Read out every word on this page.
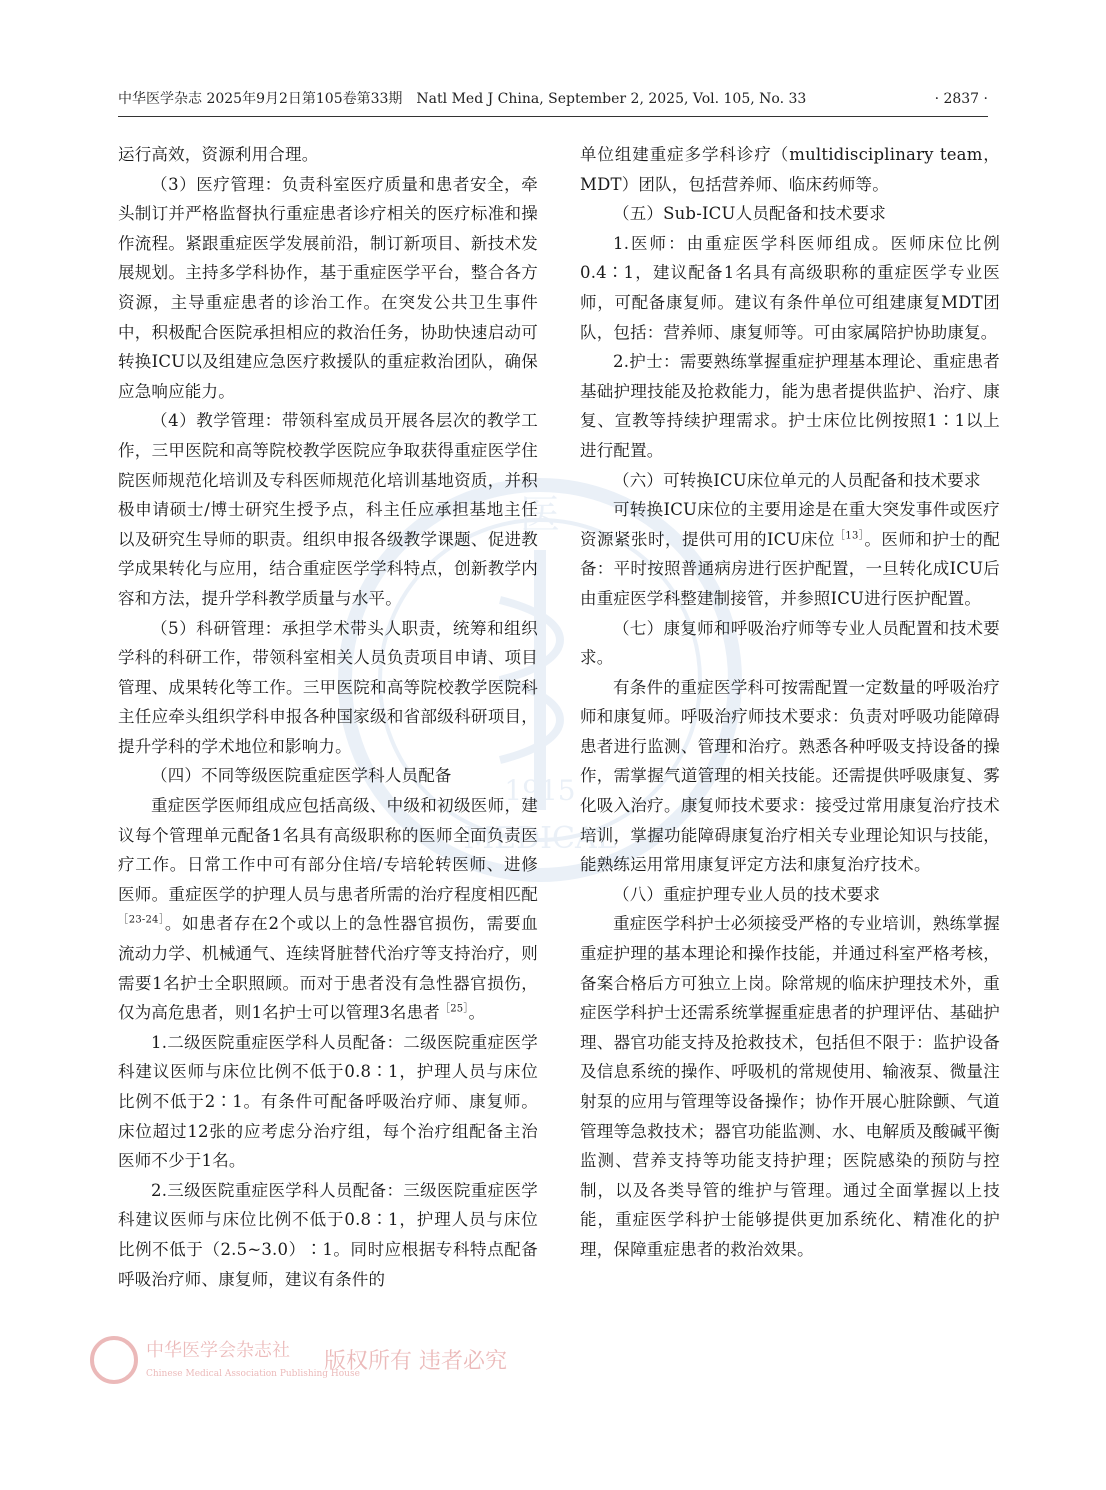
中华医学杂志 2025年9月2日第105卷第33期　Natl Med J China, September 2, 2025, Vol. 105, No. 33	· 2837 ·
医
1915
MEDICAL

运行高效，资源利用合理。

（3）医疗管理：负责科室医疗质量和患者安全，牵头制订并严格监督执行重症患者诊疗相关的医疗标准和操作流程。紧跟重症医学发展前沿，制订新项目、新技术发展规划。主持多学科协作，基于重症医学平台，整合各方资源，主导重症患者的诊治工作。在突发公共卫生事件中，积极配合医院承担相应的救治任务，协助快速启动可转换ICU以及组建应急医疗救援队的重症救治团队，确保应急响应能力。

（4）教学管理：带领科室成员开展各层次的教学工作，三甲医院和高等院校教学医院应争取获得重症医学住院医师规范化培训及专科医师规范化培训基地资质，并积极申请硕士/博士研究生授予点，科主任应承担基地主任以及研究生导师的职责。组织申报各级教学课题、促进教学成果转化与应用，结合重症医学学科特点，创新教学内容和方法，提升学科教学质量与水平。

（5）科研管理：承担学术带头人职责，统筹和组织学科的科研工作，带领科室相关人员负责项目申请、项目管理、成果转化等工作。三甲医院和高等院校教学医院科主任应牵头组织学科申报各种国家级和省部级科研项目，提升学科的学术地位和影响力。

（四）不同等级医院重症医学科人员配备

重症医学医师组成应包括高级、中级和初级医师，建议每个管理单元配备1名具有高级职称的医师全面负责医疗工作。日常工作中可有部分住培/专培轮转医师、进修医师。重症医学的护理人员与患者所需的治疗程度相匹配$^{[23-24]}$。如患者存在2个或以上的急性器官损伤，需要血流动力学、机械通气、连续肾脏替代治疗等支持治疗，则需要1名护士全职照顾。而对于患者没有急性器官损伤，仅为高危患者，则1名护士可以管理3名患者$^{[25]}$。

1.二级医院重症医学科人员配备：二级医院重症医学科建议医师与床位比例不低于0.8∶1，护理人员与床位比例不低于2∶1。有条件可配备呼吸治疗师、康复师。床位超过12张的应考虑分治疗组，每个治疗组配备主治医师不少于1名。

2.三级医院重症医学科人员配备：三级医院重症医学科建议医师与床位比例不低于0.8∶1，护理人员与床位比例不低于（2.5~3.0）∶1。同时应根据专科特点配备呼吸治疗师、康复师，建议有条件的

单位组建重症多学科诊疗（multidisciplinary team，MDT）团队，包括营养师、临床药师等。

（五）Sub-ICU人员配备和技术要求

1.医师：由重症医学科医师组成。医师床位比例0.4∶1，建议配备1名具有高级职称的重症医学专业医师，可配备康复师。建议有条件单位可组建康复MDT团队，包括：营养师、康复师等。可由家属陪护协助康复。

2.护士：需要熟练掌握重症护理基本理论、重症患者基础护理技能及抢救能力，能为患者提供监护、治疗、康复、宣教等持续护理需求。护士床位比例按照1∶1以上进行配置。

（六）可转换ICU床位单元的人员配备和技术要求

可转换ICU床位的主要用途是在重大突发事件或医疗资源紧张时，提供可用的ICU床位$^{[13]}$。医师和护士的配备：平时按照普通病房进行医护配置，一旦转化成ICU后由重症医学科整建制接管，并参照ICU进行医护配置。

（七）康复师和呼吸治疗师等专业人员配置和技术要求。

有条件的重症医学科可按需配置一定数量的呼吸治疗师和康复师。呼吸治疗师技术要求：负责对呼吸功能障碍患者进行监测、管理和治疗。熟悉各种呼吸支持设备的操作，需掌握气道管理的相关技能。还需提供呼吸康复、雾化吸入治疗。康复师技术要求：接受过常用康复治疗技术培训，掌握功能障碍康复治疗相关专业理论知识与技能，能熟练运用常用康复评定方法和康复治疗技术。

（八）重症护理专业人员的技术要求

重症医学科护士必须接受严格的专业培训，熟练掌握重症护理的基本理论和操作技能，并通过科室严格考核，备案合格后方可独立上岗。除常规的临床护理技术外，重症医学科护士还需系统掌握重症患者的护理评估、基础护理、器官功能支持及抢救技术，包括但不限于：监护设备及信息系统的操作、呼吸机的常规使用、输液泵、微量注射泵的应用与管理等设备操作；协作开展心脏除颤、气道管理等急救技术；器官功能监测、水、电解质及酸碱平衡监测、营养支持等功能支持护理；医院感染的预防与控制，以及各类导管的维护与管理。通过全面掌握以上技能，重症医学科护士能够提供更加系统化、精准化的护理，保障重症患者的救治效果。

中华医学会杂志社
Chinese Medical Association Publishing House
版权所有 违者必究
